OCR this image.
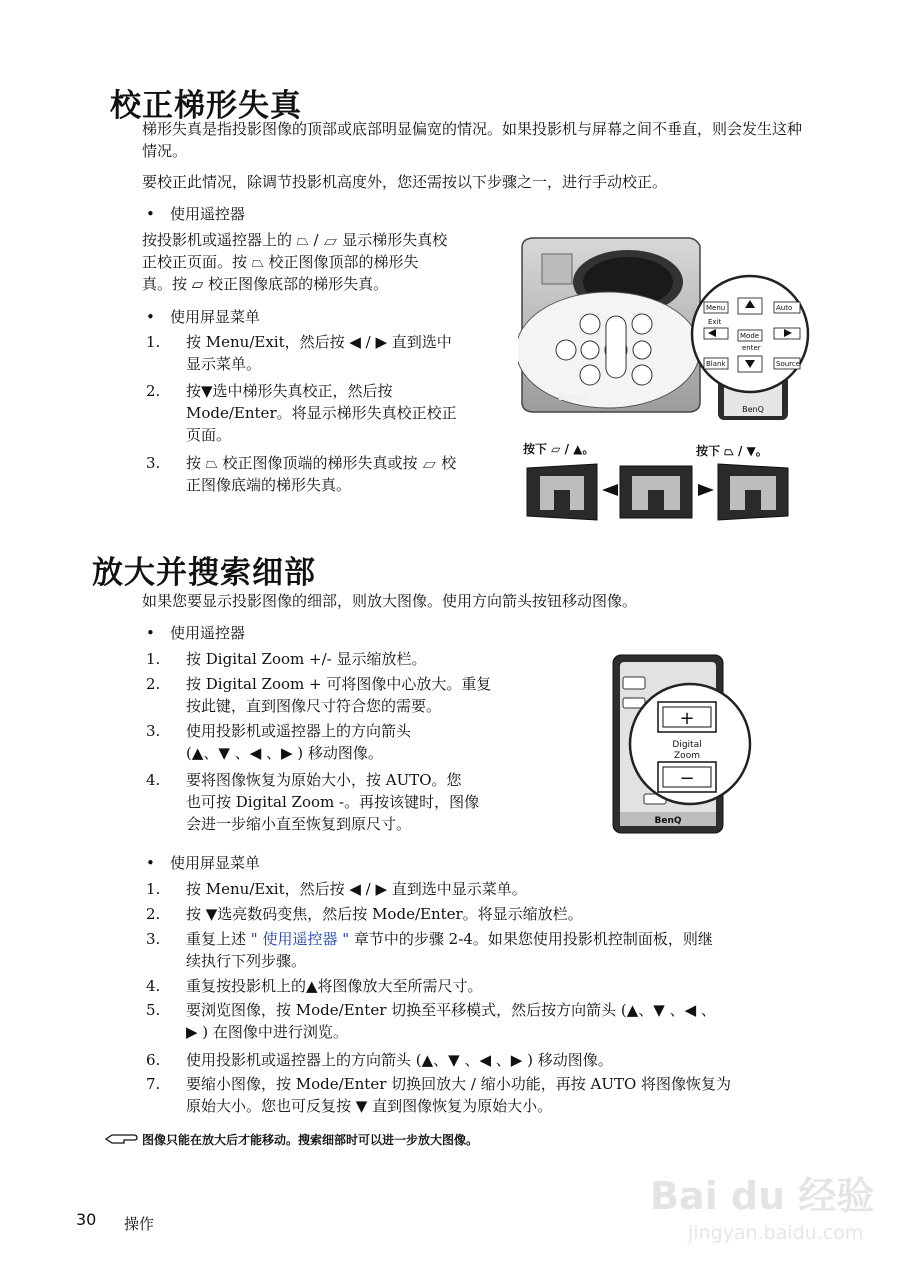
校正梯形失真
梯形失真是指投影图像的顶部或底部明显偏宽的情况。如果投影机与屏幕之间不垂直，则会发生这种情况。
要校正此情况，除调节投影机高度外，您还需按以下步骤之一，进行手动校正。
• 使用遥控器
按投影机或遥控器上的 ⏢ / ⏥ 显示梯形失真校
正校正页面。按 ⏢ 校正图像顶部的梯形失
真。按 ⏥ 校正图像底部的梯形失真。
• 使用屏显菜单
1. 按 Menu/Exit，然后按 ◀ / ▶ 直到选中
显示菜单。
2. 按▼选中梯形失真校正，然后按
Mode/Enter。将显示梯形失真校正校正
页面。
3. 按 ⏢ 校正图像顶端的梯形失真或按 ⏥ 校
正图像底端的梯形失真。
BenQ
BenQ
Menu
Exit
Auto
Mode
enter
Blank	Source
按下 ⏥ / ▲。	按下 ⏢ / ▼。
放大并搜索细部
如果您要显示投影图像的细部，则放大图像。使用方向箭头按钮移动图像。
• 使用遥控器
1. 按 Digital Zoom +/- 显示缩放栏。
2. 按 Digital Zoom + 可将图像中心放大。重复
按此键，直到图像尺寸符合您的需要。
3. 使用投影机或遥控器上的方向箭头
(▲、▼ 、◀ 、▶ ) 移动图像。
4. 要将图像恢复为原始大小，按 AUTO。您
也可按 Digital Zoom -。再按该键时，图像
会进一步缩小直至恢复到原尺寸。	BenQ
+
Digital
Zoom
−
• 使用屏显菜单
1. 按 Menu/Exit，然后按 ◀ / ▶ 直到选中显示菜单。
2. 按 ▼选亮数码变焦，然后按 Mode/Enter。将显示缩放栏。
3. 重复上述 " 使用遥控器 " 章节中的步骤 2-4。如果您使用投影机控制面板，则继
续执行下列步骤。
4. 重复按投影机上的▲将图像放大至所需尺寸。
5. 要浏览图像，按 Mode/Enter 切换至平移模式，然后按方向箭头 (▲、▼ 、◀ 、
▶ ) 在图像中进行浏览。
6. 使用投影机或遥控器上的方向箭头 (▲、▼ 、◀ 、▶ ) 移动图像。
7. 要缩小图像，按 Mode/Enter 切换回放大 / 缩小功能，再按 AUTO 将图像恢复为
原始大小。您也可反复按 ▼ 直到图像恢复为原始大小。
图像只能在放大后才能移动。搜索细部时可以进一步放大图像。
30 操作
Bai du 经验
jingyan.baidu.com
